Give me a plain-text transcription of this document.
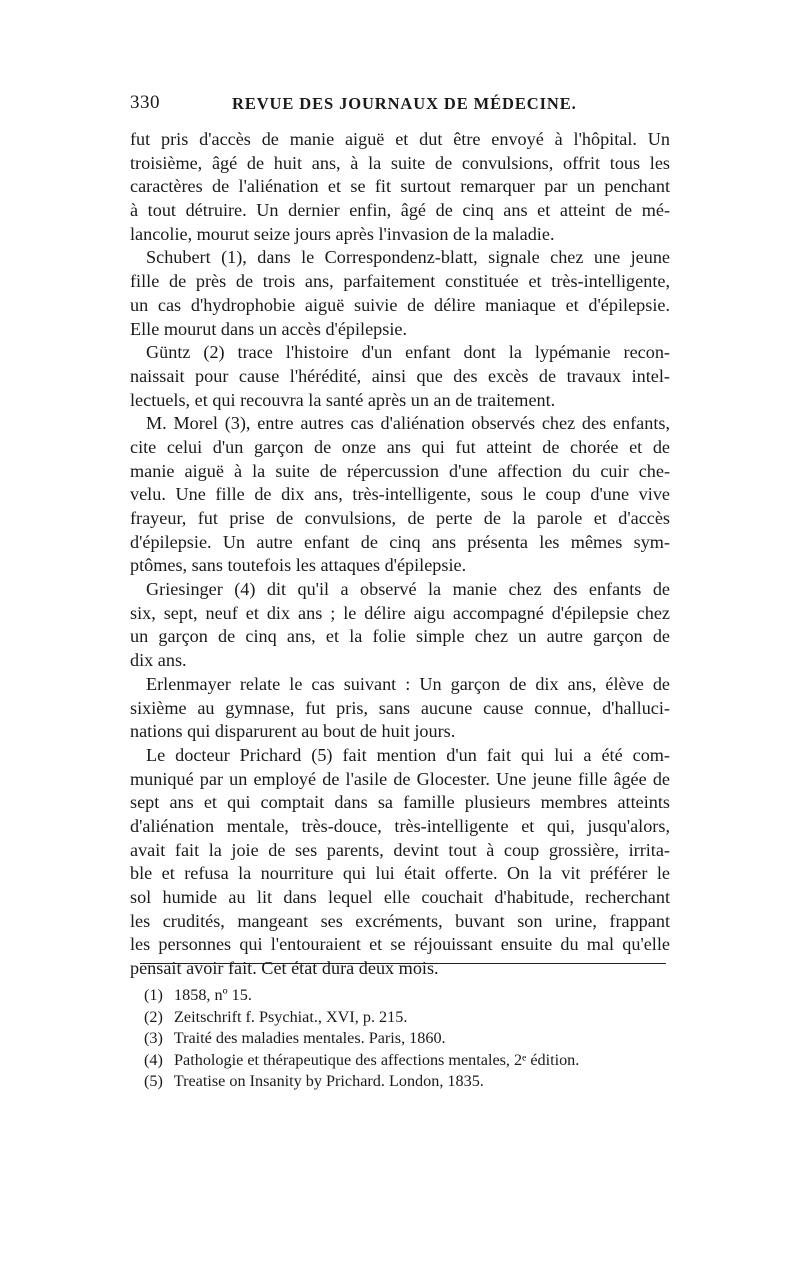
330	REVUE DES JOURNAUX DE MÉDECINE.
fut pris d'accès de manie aiguë et dut être envoyé à l'hôpital. Un
troisième, âgé de huit ans, à la suite de convulsions, offrit tous les
caractères de l'aliénation et se fit surtout remarquer par un penchant
à tout détruire. Un dernier enfin, âgé de cinq ans et atteint de mé-
lancolie, mourut seize jours après l'invasion de la maladie.
Schubert (1), dans le Correspondenz-blatt, signale chez une jeune
fille de près de trois ans, parfaitement constituée et très-intelligente,
un cas d'hydrophobie aiguë suivie de délire maniaque et d'épilepsie.
Elle mourut dans un accès d'épilepsie.
Güntz (2) trace l'histoire d'un enfant dont la lypémanie recon-
naissait pour cause l'hérédité, ainsi que des excès de travaux intel-
lectuels, et qui recouvra la santé après un an de traitement.
M. Morel (3), entre autres cas d'aliénation observés chez des enfants,
cite celui d'un garçon de onze ans qui fut atteint de chorée et de
manie aiguë à la suite de répercussion d'une affection du cuir che-
velu. Une fille de dix ans, très-intelligente, sous le coup d'une vive
frayeur, fut prise de convulsions, de perte de la parole et d'accès
d'épilepsie. Un autre enfant de cinq ans présenta les mêmes sym-
ptômes, sans toutefois les attaques d'épilepsie.
Griesinger (4) dit qu'il a observé la manie chez des enfants de
six, sept, neuf et dix ans ; le délire aigu accompagné d'épilepsie chez
un garçon de cinq ans, et la folie simple chez un autre garçon de
dix ans.
Erlenmayer relate le cas suivant : Un garçon de dix ans, élève de
sixième au gymnase, fut pris, sans aucune cause connue, d'halluci-
nations qui disparurent au bout de huit jours.
Le docteur Prichard (5) fait mention d'un fait qui lui a été com-
muniqué par un employé de l'asile de Glocester. Une jeune fille âgée de
sept ans et qui comptait dans sa famille plusieurs membres atteints
d'aliénation mentale, très-douce, très-intelligente et qui, jusqu'alors,
avait fait la joie de ses parents, devint tout à coup grossière, irrita-
ble et refusa la nourriture qui lui était offerte. On la vit préférer le
sol humide au lit dans lequel elle couchait d'habitude, recherchant
les crudités, mangeant ses excréments, buvant son urine, frappant
les personnes qui l'entouraient et se réjouissant ensuite du mal qu'elle
pensait avoir fait. Cet état dura deux mois.
(1) 1858, nº 15.
(2) Zeitschrift f. Psychiat., XVI, p. 215.
(3) Traité des maladies mentales. Paris, 1860.
(4) Pathologie et thérapeutique des affections mentales, 2ᵉ édition.
(5) Treatise on Insanity by Prichard. London, 1835.
